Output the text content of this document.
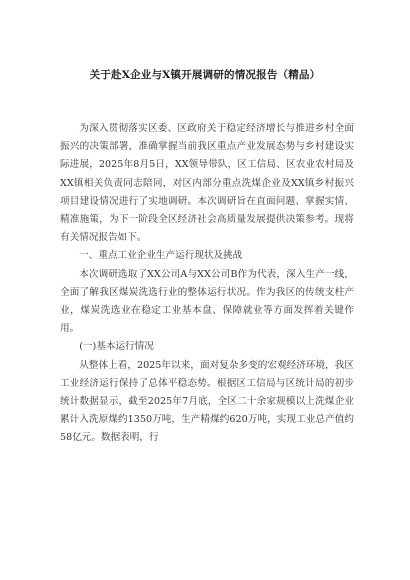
关于赴X企业与X镇开展调研的情况报告（精品）

为深入贯彻落实区委、区政府关于稳定经济增长与推进乡村全面振兴的决策部署，准确掌握当前我区重点产业发展态势与乡村建设实际进展，2025年8月5日，XX领导带队，区工信局、区农业农村局及XX镇相关负责同志陪同，对区内部分重点洗煤企业及XX镇乡村振兴项目建设情况进行了实地调研。本次调研旨在直面问题、掌握实情、精准施策，为下一阶段全区经济社会高质量发展提供决策参考。现将有关情况报告如下。

一、重点工业企业生产运行现状及挑战

本次调研选取了XX公司A与XX公司B作为代表，深入生产一线，全面了解我区煤炭洗选行业的整体运行状况。作为我区的传统支柱产业，煤炭洗选业在稳定工业基本盘、保障就业等方面发挥着关键作用。

(一)基本运行情况

从整体上看，2025年以来，面对复杂多变的宏观经济环境，我区工业经济运行保持了总体平稳态势。根据区工信局与区统计局的初步统计数据显示，截至2025年7月底，全区二十余家规模以上洗煤企业累计入洗原煤约1350万吨，生产精煤约620万吨，实现工业总产值约58亿元。数据表明，行
